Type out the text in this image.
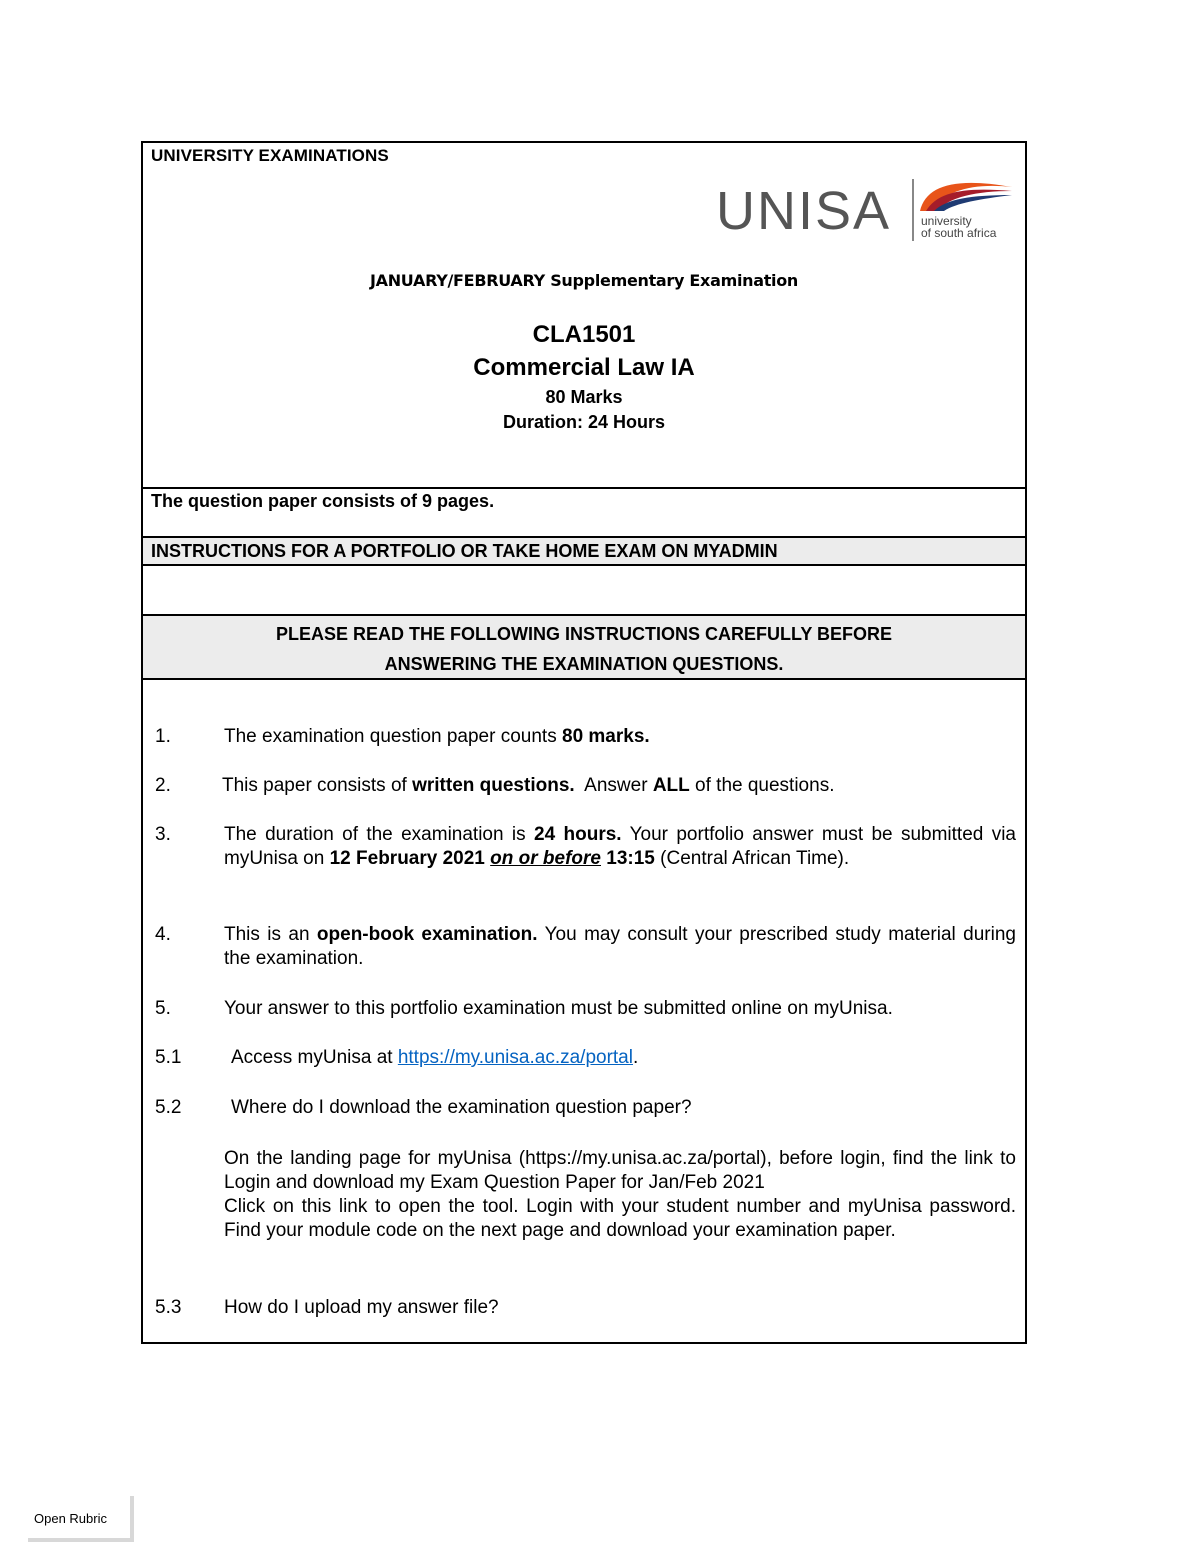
UNIVERSITY EXAMINATIONS
UNISA university
of south africa
JANUARY/FEBRUARY Supplementary Examination
CLA1501
Commercial Law IA
80 Marks
Duration: 24 Hours
The question paper consists of 9 pages.
INSTRUCTIONS FOR A PORTFOLIO OR TAKE HOME EXAM ON MYADMIN
PLEASE READ THE FOLLOWING INSTRUCTIONS CAREFULLY BEFORE
ANSWERING THE EXAMINATION QUESTIONS.
1.	The examination question paper counts 80 marks.
2.	This paper consists of written questions.  Answer ALL of the questions.
3.	The duration of the examination is 24 hours. Your portfolio answer must be submitted via myUnisa on 12 February 2021 on or before 13:15 (Central African Time).
4.	This is an open-book examination. You may consult your prescribed study material during the examination.
5.	Your answer to this portfolio examination must be submitted online on myUnisa.
5.1	Access myUnisa at https://my.unisa.ac.za/portal.
5.2	Where do I download the examination question paper?
On the landing page for myUnisa (https://my.unisa.ac.za/portal), before login, find the link to Login and download my Exam Question Paper for Jan/Feb 2021
Click on this link to open the tool. Login with your student number and myUnisa password. Find your module code on the next page and download your examination paper.
5.3 How do I upload my answer file?
Open Rubric
